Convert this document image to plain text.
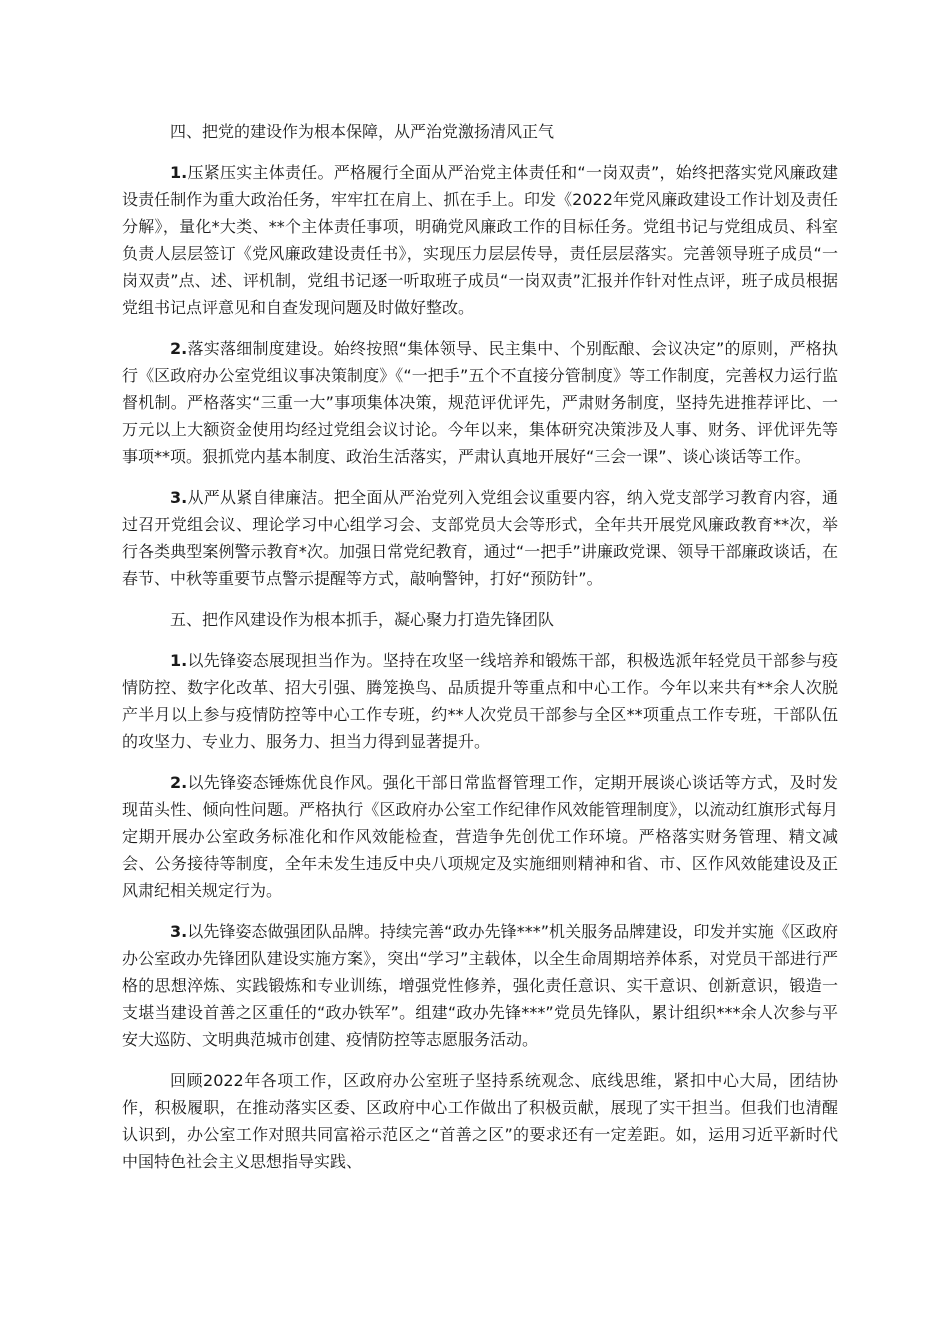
四、把党的建设作为根本保障，从严治党激扬清风正气

1.压紧压实主体责任。严格履行全面从严治党主体责任和“一岗双责”，始终把落实党风廉政建设责任制作为重大政治任务，牢牢扛在肩上、抓在手上。印发《2022年党风廉政建设工作计划及责任分解》，量化*大类、**个主体责任事项，明确党风廉政工作的目标任务。党组书记与党组成员、科室负责人层层签订《党风廉政建设责任书》，实现压力层层传导，责任层层落实。完善领导班子成员“一岗双责”点、述、评机制，党组书记逐一听取班子成员“一岗双责”汇报并作针对性点评，班子成员根据党组书记点评意见和自查发现问题及时做好整改。

2.落实落细制度建设。始终按照“集体领导、民主集中、个别酝酿、会议决定”的原则，严格执行《区政府办公室党组议事决策制度》《“一把手”五个不直接分管制度》等工作制度，完善权力运行监督机制。严格落实“三重一大”事项集体决策，规范评优评先，严肃财务制度，坚持先进推荐评比、一万元以上大额资金使用均经过党组会议讨论。今年以来，集体研究决策涉及人事、财务、评优评先等事项**项。狠抓党内基本制度、政治生活落实，严肃认真地开展好“三会一课”、谈心谈话等工作。

3.从严从紧自律廉洁。把全面从严治党列入党组会议重要内容，纳入党支部学习教育内容，通过召开党组会议、理论学习中心组学习会、支部党员大会等形式，全年共开展党风廉政教育**次，举行各类典型案例警示教育*次。加强日常党纪教育，通过“一把手”讲廉政党课、领导干部廉政谈话，在春节、中秋等重要节点警示提醒等方式，敲响警钟，打好“预防针”。

五、把作风建设作为根本抓手，凝心聚力打造先锋团队

1.以先锋姿态展现担当作为。坚持在攻坚一线培养和锻炼干部，积极选派年轻党员干部参与疫情防控、数字化改革、招大引强、腾笼换鸟、品质提升等重点和中心工作。今年以来共有**余人次脱产半月以上参与疫情防控等中心工作专班，约**人次党员干部参与全区**项重点工作专班，干部队伍的攻坚力、专业力、服务力、担当力得到显著提升。

2.以先锋姿态锤炼优良作风。强化干部日常监督管理工作，定期开展谈心谈话等方式，及时发现苗头性、倾向性问题。严格执行《区政府办公室工作纪律作风效能管理制度》，以流动红旗形式每月定期开展办公室政务标准化和作风效能检查，营造争先创优工作环境。严格落实财务管理、精文减会、公务接待等制度，全年未发生违反中央八项规定及实施细则精神和省、市、区作风效能建设及正风肃纪相关规定行为。

3.以先锋姿态做强团队品牌。持续完善“政办先锋***”机关服务品牌建设，印发并实施《区政府办公室政办先锋团队建设实施方案》，突出“学习”主载体，以全生命周期培养体系，对党员干部进行严格的思想淬炼、实践锻炼和专业训练，增强党性修养，强化责任意识、实干意识、创新意识，锻造一支堪当建设首善之区重任的“政办铁军”。组建“政办先锋***”党员先锋队，累计组织***余人次参与平安大巡防、文明典范城市创建、疫情防控等志愿服务活动。

回顾2022年各项工作，区政府办公室班子坚持系统观念、底线思维，紧扣中心大局，团结协作，积极履职，在推动落实区委、区政府中心工作做出了积极贡献，展现了实干担当。但我们也清醒认识到，办公室工作对照共同富裕示范区之“首善之区”的要求还有一定差距。如，运用习近平新时代中国特色社会主义思想指导实践、
